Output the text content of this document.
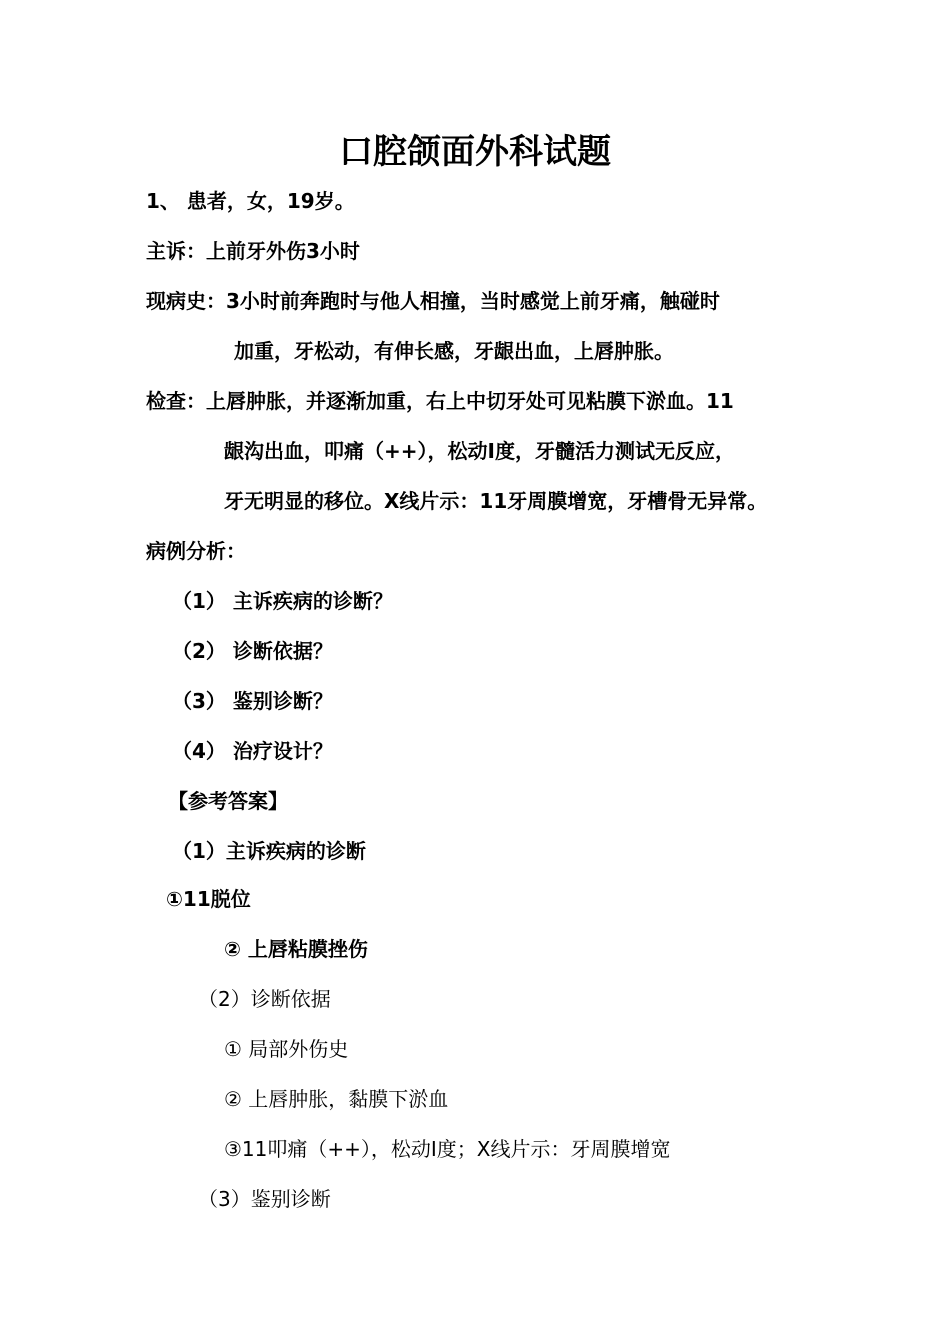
口腔颌面外科试题
1、 患者，女，19岁。
主诉：上前牙外伤3小时
现病史：3小时前奔跑时与他人相撞，当时感觉上前牙痛，触碰时
加重，牙松动，有伸长感，牙龈出血，上唇肿胀。
检查：上唇肿胀，并逐渐加重，右上中切牙处可见粘膜下淤血。11
龈沟出血，叩痛（++），松动I度，牙髓活力测试无反应，
牙无明显的移位。X线片示：11牙周膜增宽，牙槽骨无异常。
病例分析：
（1） 主诉疾病的诊断？
（2） 诊断依据？
（3） 鉴别诊断？
（4） 治疗设计？
【参考答案】
（1）主诉疾病的诊断
①11脱位
② 上唇粘膜挫伤
（2）诊断依据
① 局部外伤史
② 上唇肿胀，黏膜下淤血
③11叩痛（++），松动Ⅰ度；X线片示：牙周膜增宽
（3）鉴别诊断
